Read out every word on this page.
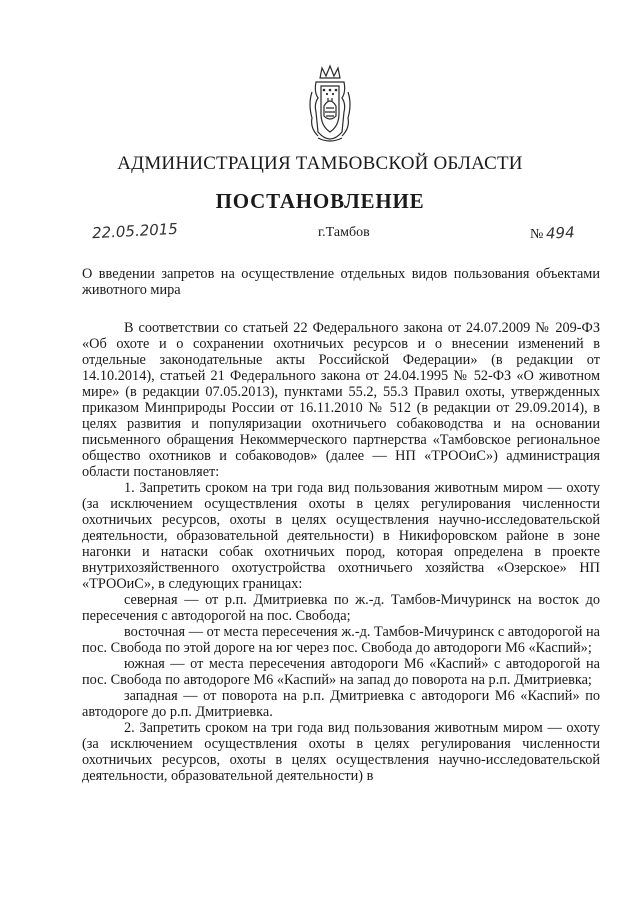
АДМИНИСТРАЦИЯ ТАМБОВСКОЙ ОБЛАСТИ
ПОСТАНОВЛЕНИЕ
22.05.2015	г.Тамбов	№ 494
О введении запретов на осуществление отдельных видов пользования объектами животного мира

В соответствии со статьей 22 Федерального закона от 24.07.2009 № 209-ФЗ «Об охоте и о сохранении охотничьих ресурсов и о внесении изменений в отдельные законодательные акты Российской Федерации» (в редакции от 14.10.2014), статьей 21 Федерального закона от 24.04.1995 № 52-ФЗ «О животном мире» (в редакции 07.05.2013), пунктами 55.2, 55.3 Правил охоты, утвержденных приказом Минприроды России от 16.11.2010 № 512 (в редакции от 29.09.2014), в целях развития и популяризации охотничьего собаководства и на основании письменного обращения Некоммерческого партнерства «Тамбовское региональное общество охотников и собаководов» (далее — НП «ТРООиС») администрация области постановляет:

1. Запретить сроком на три года вид пользования животным миром — охоту (за исключением осуществления охоты в целях регулирования численности охотничьих ресурсов, охоты в целях осуществления научно-исследовательской деятельности, образовательной деятельности) в Никифоровском районе в зоне нагонки и натаски собак охотничьих пород, которая определена в проекте внутрихозяйственного охотустройства охотничьего хозяйства «Озерское» НП «ТРООиС», в следующих границах:

северная — от р.п. Дмитриевка по ж.-д. Тамбов-Мичуринск на восток до пересечения с автодорогой на пос. Свобода;

восточная — от места пересечения ж.-д. Тамбов-Мичуринск с автодорогой на пос. Свобода по этой дороге на юг через пос. Свобода до автодороги М6 «Каспий»;

южная — от места пересечения автодороги М6 «Каспий» с автодорогой на пос. Свобода по автодороге М6 «Каспий» на запад до поворота на р.п. Дмитриевка;

западная — от поворота на р.п. Дмитриевка с автодороги М6 «Каспий» по автодороге до р.п. Дмитриевка.

2. Запретить сроком на три года вид пользования животным миром — охоту (за исключением осуществления охоты в целях регулирования численности охотничьих ресурсов, охоты в целях осуществления научно-исследовательской деятельности, образовательной деятельности) в
